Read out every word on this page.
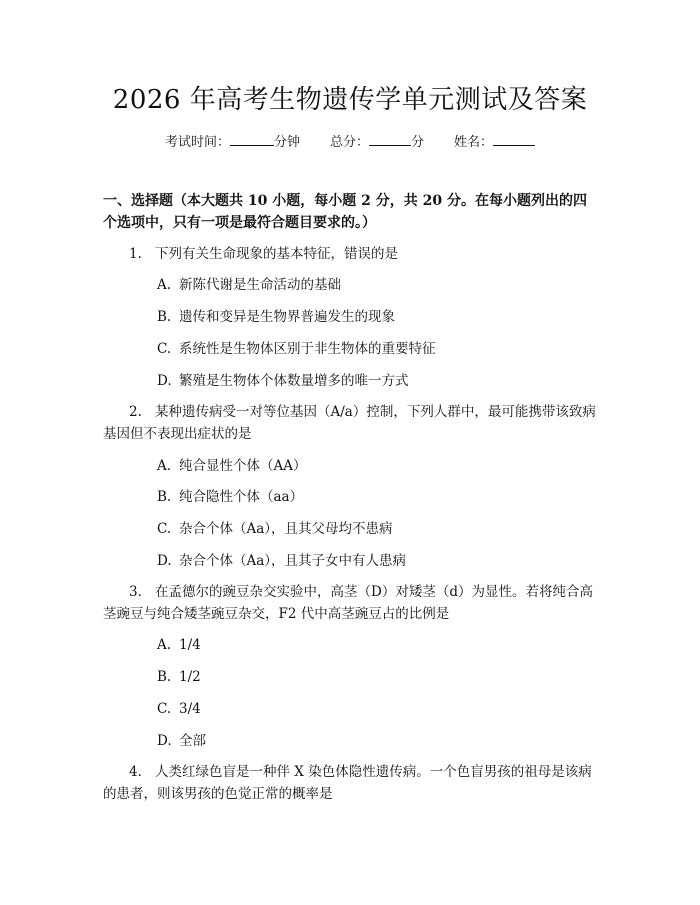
2026 年高考生物遗传学单元测试及答案
考试时间：	分钟 总分：	分 姓名：
一、选择题（本大题共 10 小题，每小题 2 分，共 20 分。在每小题列出的四个选项中，只有一项是最符合题目要求的。）
1. 下列有关生命现象的基本特征，错误的是
A. 新陈代谢是生命活动的基础
B. 遗传和变异是生物界普遍发生的现象
C. 系统性是生物体区别于非生物体的重要特征
D. 繁殖是生物体个体数量增多的唯一方式
2. 某种遗传病受一对等位基因（A/a）控制，下列人群中，最可能携带该致病基因但不表现出症状的是
A. 纯合显性个体（AA）
B. 纯合隐性个体（aa）
C. 杂合个体（Aa），且其父母均不患病
D. 杂合个体（Aa），且其子女中有人患病
3. 在孟德尔的豌豆杂交实验中，高茎（D）对矮茎（d）为显性。若将纯合高茎豌豆与纯合矮茎豌豆杂交，F2 代中高茎豌豆占的比例是
A. 1/4
B. 1/2
C. 3/4
D. 全部
4. 人类红绿色盲是一种伴 X 染色体隐性遗传病。一个色盲男孩的祖母是该病的患者，则该男孩的色觉正常的概率是
